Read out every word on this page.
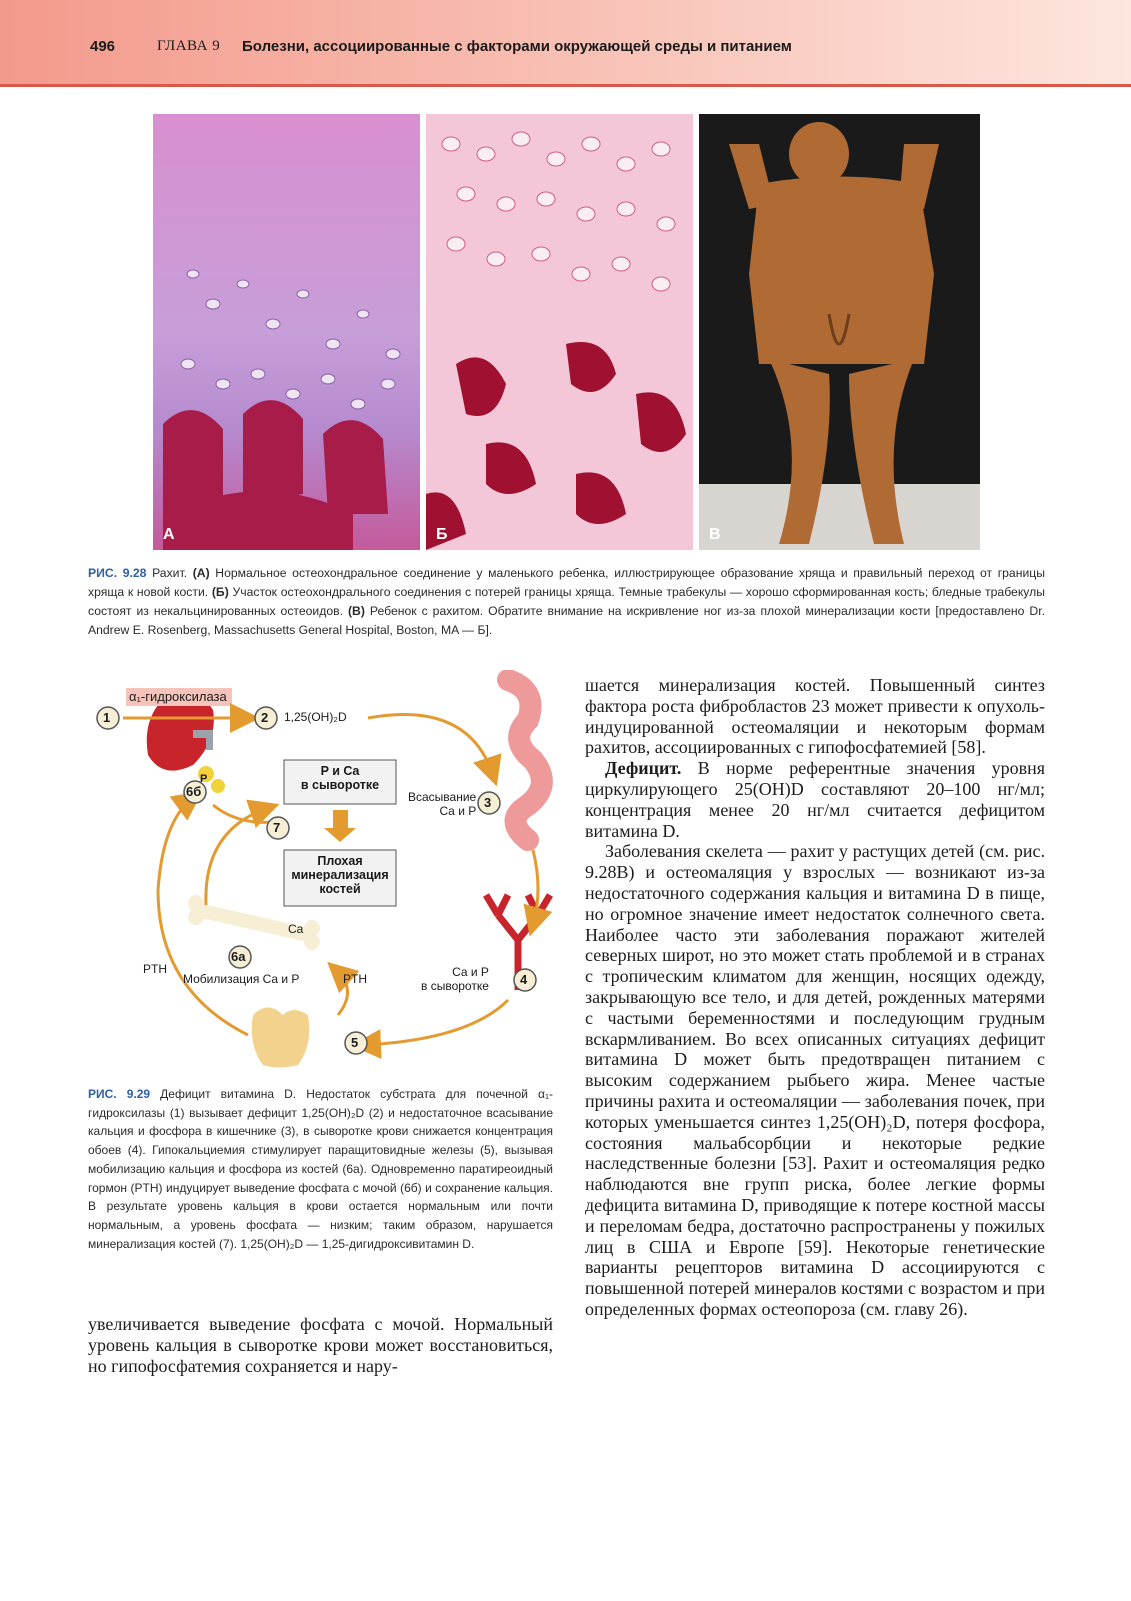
496	ГЛАВА 9 Болезни, ассоциированные с факторами окружающей среды и питанием
А	Б	В
РИС. 9.28 Рахит. (А) Нормальное остеохондральное соединение у маленького ребенка, иллюстрирующее образование хряща и правильный переход от границы хряща к новой кости. (Б) Участок остеохондрального соединения с потерей границы хряща. Темные трабекулы — хорошо сформированная кость; бледные трабекулы состоят из некальцинированных остеоидов. (В) Ребенок с рахитом. Обратите внимание на искривление ног из-за плохой минерализации кости [предоставлено Dr. Andrew E. Rosenberg, Massachusetts General Hospital, Boston, MA — Б].
α₁-гидроксилаза
1	2 1,25(OH)₂D
3
Всасывание
Ca и P
4
Ca и P
в сыворотке
5
6а
6б
7
P и Ca
в сыворотке
Плохая
минерализация
костей
P
Ca
PTH
PTH
Мобилизация Ca и P
РИС. 9.29 Дефицит витамина D. Недостаток субстрата для почечной α₁-гидроксилазы (1) вызывает дефицит 1,25(OH)₂D (2) и недостаточное всасывание кальция и фосфора в кишечнике (3), в сыворотке крови снижается концентрация обоев (4). Гипокальциемия стимулирует паращитовидные железы (5), вызывая мобилизацию кальция и фосфора из костей (6а). Одновременно паратиреоидный гормон (PTH) индуцирует выведение фосфата с мочой (6б) и сохранение кальция. В результате уровень кальция в крови остается нормальным или почти нормальным, а уровень фосфата — низким; таким образом, нарушается минерализация костей (7). 1,25(OH)₂D — 1,25-дигидроксивитамин D.

увеличивается выведение фосфата с мочой. Нормальный уровень кальция в сыворотке крови может восстановиться, но гипофосфатемия сохраняется и нару-

шается минерализация костей. Повышенный синтез фактора роста фибробластов 23 может привести к опухоль-индуцированной остеомаляции и некоторым формам рахитов, ассоциированных с гипофосфатемией [58].

Дефицит. В норме референтные значения уровня циркулирующего 25(OH)D составляют 20–100 нг/мл; концентрация менее 20 нг/мл считается дефицитом витамина D.

Заболевания скелета — рахит у растущих детей (см. рис. 9.28В) и остеомаляция у взрослых — возникают из-за недостаточного содержания кальция и витамина D в пище, но огромное значение имеет недостаток солнечного света. Наиболее часто эти заболевания поражают жителей северных широт, но это может стать проблемой и в странах с тропическим климатом для женщин, носящих одежду, закрывающую все тело, и для детей, рожденных матерями с частыми беременностями и последующим грудным вскармливанием. Во всех описанных ситуациях дефицит витамина D может быть предотвращен питанием с высоким содержанием рыбьего жира. Менее частые причины рахита и остеомаляции — заболевания почек, при которых уменьшается синтез 1,25(OH)₂D, потеря фосфора, состояния мальабсорбции и некоторые редкие наследственные болезни [53]. Рахит и остеомаляция редко наблюдаются вне групп риска, более легкие формы дефицита витамина D, приводящие к потере костной массы и переломам бедра, достаточно распространены у пожилых лиц в США и Европе [59]. Некоторые генетические варианты рецепторов витамина D ассоциируются с повышенной потерей минералов костями с возрастом и при определенных формах остеопороза (см. главу 26).
